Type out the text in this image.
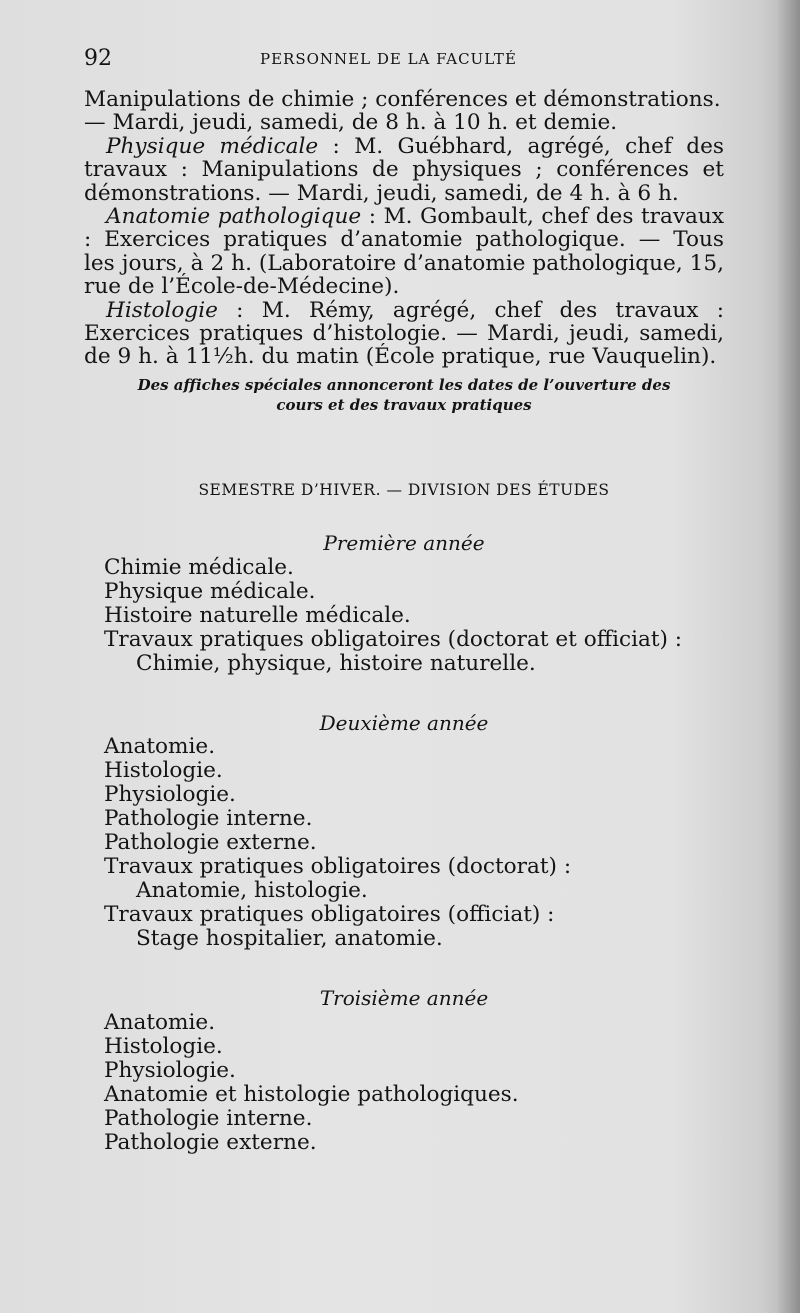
92	PERSONNEL DE LA FACULTÉ

Manipulations de chimie ; conférences et démonstrations.
— Mardi, jeudi, samedi, de 8 h. à 10 h. et demie.

Physique médicale : M. Guébhard, agrégé, chef des travaux : Manipulations de physiques ; conférences et démonstrations. — Mardi, jeudi, samedi, de 4 h. à 6 h.

Anatomie pathologique : M. Gombault, chef des travaux : Exercices pratiques d’anatomie pathologique. — Tous les jours, à 2 h. (Laboratoire d’anatomie pathologique, 15, rue de l’École-de-Médecine).

Histologie : M. Rémy, agrégé, chef des travaux : Exercices pratiques d’histologie. — Mardi, jeudi, samedi, de 9 h. à 11½h. du matin (École pratique, rue Vauquelin).

Des affiches spéciales annonceront les dates de l’ouverture des cours et des travaux pratiques
SEMESTRE D’HIVER. — DIVISION DES ÉTUDES
Première année
Chimie médicale.
Physique médicale.
Histoire naturelle médicale.
Travaux pratiques obligatoires (doctorat et officiat) :
Chimie, physique, histoire naturelle.
Deuxième année
Anatomie.
Histologie.
Physiologie.
Pathologie interne.
Pathologie externe.
Travaux pratiques obligatoires (doctorat) :
Anatomie, histologie.
Travaux pratiques obligatoires (officiat) :
Stage hospitalier, anatomie.
Troisième année
Anatomie.
Histologie.
Physiologie.
Anatomie et histologie pathologiques.
Pathologie interne.
Pathologie externe.
